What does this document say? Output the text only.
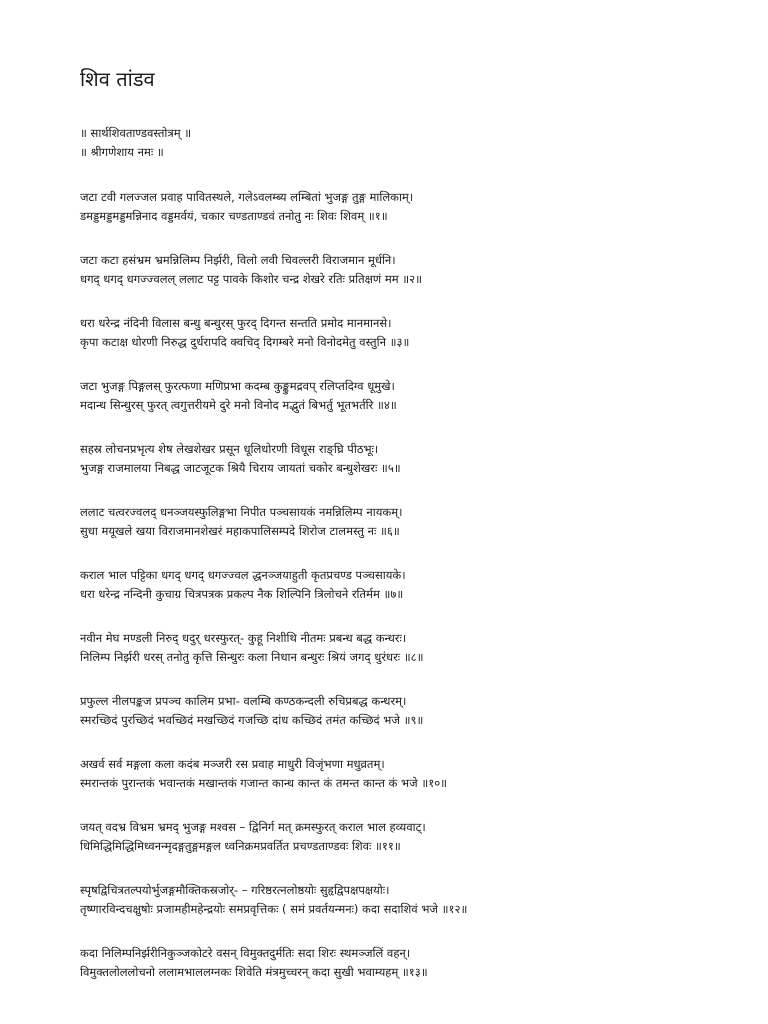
शिव तांडव
॥ सार्थशिवताण्डवस्तोत्रम् ॥
॥ श्रीगणेशाय नमः ॥
जटा टवी गलज्जल प्रवाह पावितस्थले, गलेऽवलम्ब्य लम्बितां भुजङ्ग तुङ्ग मालिकाम्।
डमड्डमड्डमड्डमन्निनाद वड्डमर्वयं, चकार चण्डताण्डवं तनोतु नः शिवः शिवम् ॥१॥
जटा कटा हसंभ्रम भ्रमन्निलिम्प निर्झरी, विलो लवी चिवल्लरी विराजमान मूर्धनि।
धगद् धगद् धगज्ज्वलल् ललाट पट्ट पावके किशोर चन्द्र शेखरे रतिः प्रतिक्षणं मम ॥२॥
धरा धरेन्द्र नंदिनी विलास बन्धु बन्धुरस् फुरद् दिगन्त सन्तति प्रमोद मानमानसे।
कृपा कटाक्ष धोरणी निरुद्ध दुर्धरापदि क्वचिद् दिगम्बरे मनो विनोदमेतु वस्तुनि ॥३॥
जटा भुजङ्ग पिङ्गलस् फुरत्फणा मणिप्रभा कदम्ब कुङ्कुमद्रवप् रलिप्तदिग्व धूमुखे।
मदान्ध सिन्धुरस् फुरत् त्वगुत्तरीयमे दुरे मनो विनोद मद्भुतं बिभर्तु भूतभर्तरि ॥४॥
सहस्र लोचनप्रभृत्य शेष लेखशेखर प्रसून धूलिधोरणी विधूस राङ्घ्रि पीठभूः।
भुजङ्ग राजमालया निबद्ध जाटजूटक श्रियै चिराय जायतां चकोर बन्धुशेखरः ॥५॥
ललाट चत्वरज्वलद् धनञ्जयस्फुलिङ्गभा निपीत पञ्चसायकं नमन्निलिम्प नायकम्।
सुधा मयूखले खया विराजमानशेखरं महाकपालिसम्पदे शिरोज टालमस्तु नः ॥६॥
कराल भाल पट्टिका धगद् धगद् धगज्ज्वल द्धनञ्जयाहुती कृतप्रचण्ड पञ्चसायके।
धरा धरेन्द्र नन्दिनी कुचाग्र चित्रपत्रक प्रकल्प नैक शिल्पिनि त्रिलोचने रतिर्मम ॥७॥
नवीन मेघ मण्डली निरुद् धदुर् धरस्फुरत्- कुहू निशीथि नीतमः प्रबन्ध बद्ध कन्धरः।
निलिम्प निर्झरी धरस् तनोतु कृत्ति सिन्धुरः कला निधान बन्धुरः श्रियं जगद् धुरंधरः ॥८॥
प्रफुल्ल नीलपङ्कज प्रपञ्च कालिम प्रभा- वलम्बि कण्ठकन्दली रुचिप्रबद्ध कन्धरम्।
स्मरच्छिदं पुरच्छिदं भवच्छिदं मखच्छिदं गजच्छि दांध कच्छिदं तमंत कच्छिदं भजे ॥९॥
अखर्व सर्व मङ्गला कला कदंब मञ्जरी रस प्रवाह माधुरी विजृंभणा मधुव्रतम्।
स्मरान्तकं पुरान्तकं भवान्तकं मखान्तकं गजान्त कान्ध कान्त कं तमन्त कान्त कं भजे ॥१०॥
जयत् वदभ्र विभ्रम भ्रमद् भुजङ्ग मश्वस – द्विनिर्ग मत् क्रमस्फुरत् कराल भाल हव्यवाट्।
धिमिद्धिमिद्धिमिध्वनन्मृदङ्गतुङ्गमङ्गल ध्वनिक्रमप्रवर्तित प्रचण्डताण्डवः शिवः ॥११॥
स्पृषद्विचित्रतल्पयोर्भुजङ्गमौक्तिकस्रजोर्- – गरिष्ठरत्नलोष्ठयोः सुहृद्विपक्षपक्षयोः।
तृष्णारविन्दचक्षुषोः प्रजामहीमहेन्द्रयोः समप्रवृत्तिकः ( समं प्रवर्तयन्मनः) कदा सदाशिवं भजे ॥१२॥
कदा निलिम्पनिर्झरीनिकुञ्जकोटरे वसन् विमुक्तदुर्मतिः सदा शिरः स्थमञ्जलिं वहन्।
विमुक्तलोललोचनो ललामभाललग्नकः शिवेति मंत्रमुच्चरन् कदा सुखी भवाम्यहम् ॥१३॥
